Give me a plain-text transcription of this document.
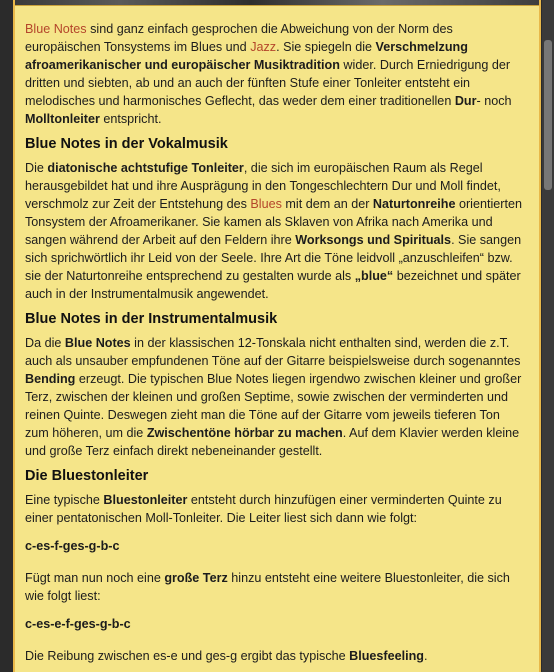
Blue Notes sind ganz einfach gesprochen die Abweichung von der Norm des europäischen Tonsystems im Blues und Jazz. Sie spiegeln die Verschmelzung afroamerikanischer und europäischer Musiktradition wider. Durch Erniedrigung der dritten und siebten, ab und an auch der fünften Stufe einer Tonleiter entsteht ein melodisches und harmonisches Geflecht, das weder dem einer traditionellen Dur- noch Molltonleiter entspricht.

Blue Notes in der Vokalmusik

Die diatonische achtstufige Tonleiter, die sich im europäischen Raum als Regel herausgebildet hat und ihre Ausprägung in den Tongeschlechtern Dur und Moll findet, verschmolz zur Zeit der Entstehung des Blues mit dem an der Naturtonreihe orientierten Tonsystem der Afroamerikaner. Sie kamen als Sklaven von Afrika nach Amerika und sangen während der Arbeit auf den Feldern ihre Worksongs und Spirituals. Sie sangen sich sprichwörtlich ihr Leid von der Seele. Ihre Art die Töne leidvoll „anzuschleifen“ bzw. sie der Naturtonreihe entsprechend zu gestalten wurde als „blue“ bezeichnet und später auch in der Instrumentalmusik angewendet.

Blue Notes in der Instrumentalmusik

Da die Blue Notes in der klassischen 12-Tonskala nicht enthalten sind, werden die z.T. auch als unsauber empfundenen Töne auf der Gitarre beispielsweise durch sogenanntes Bending erzeugt. Die typischen Blue Notes liegen irgendwo zwischen kleiner und großer Terz, zwischen der kleinen und großen Septime, sowie zwischen der verminderten und reinen Quinte. Deswegen zieht man die Töne auf der Gitarre vom jeweils tieferen Ton zum höheren, um die Zwischentöne hörbar zu machen. Auf dem Klavier werden kleine und große Terz einfach direkt nebeneinander gestellt.

Die Bluestonleiter

Eine typische Bluestonleiter entsteht durch hinzufügen einer verminderten Quinte zu einer pentatonischen Moll-Tonleiter. Die Leiter liest sich dann wie folgt:

c-es-f-ges-g-b-c

Fügt man nun noch eine große Terz hinzu entsteht eine weitere Bluestonleiter, die sich wie folgt liest:

c-es-e-f-ges-g-b-c

Die Reibung zwischen es-e und ges-g ergibt das typische Bluesfeeling.
